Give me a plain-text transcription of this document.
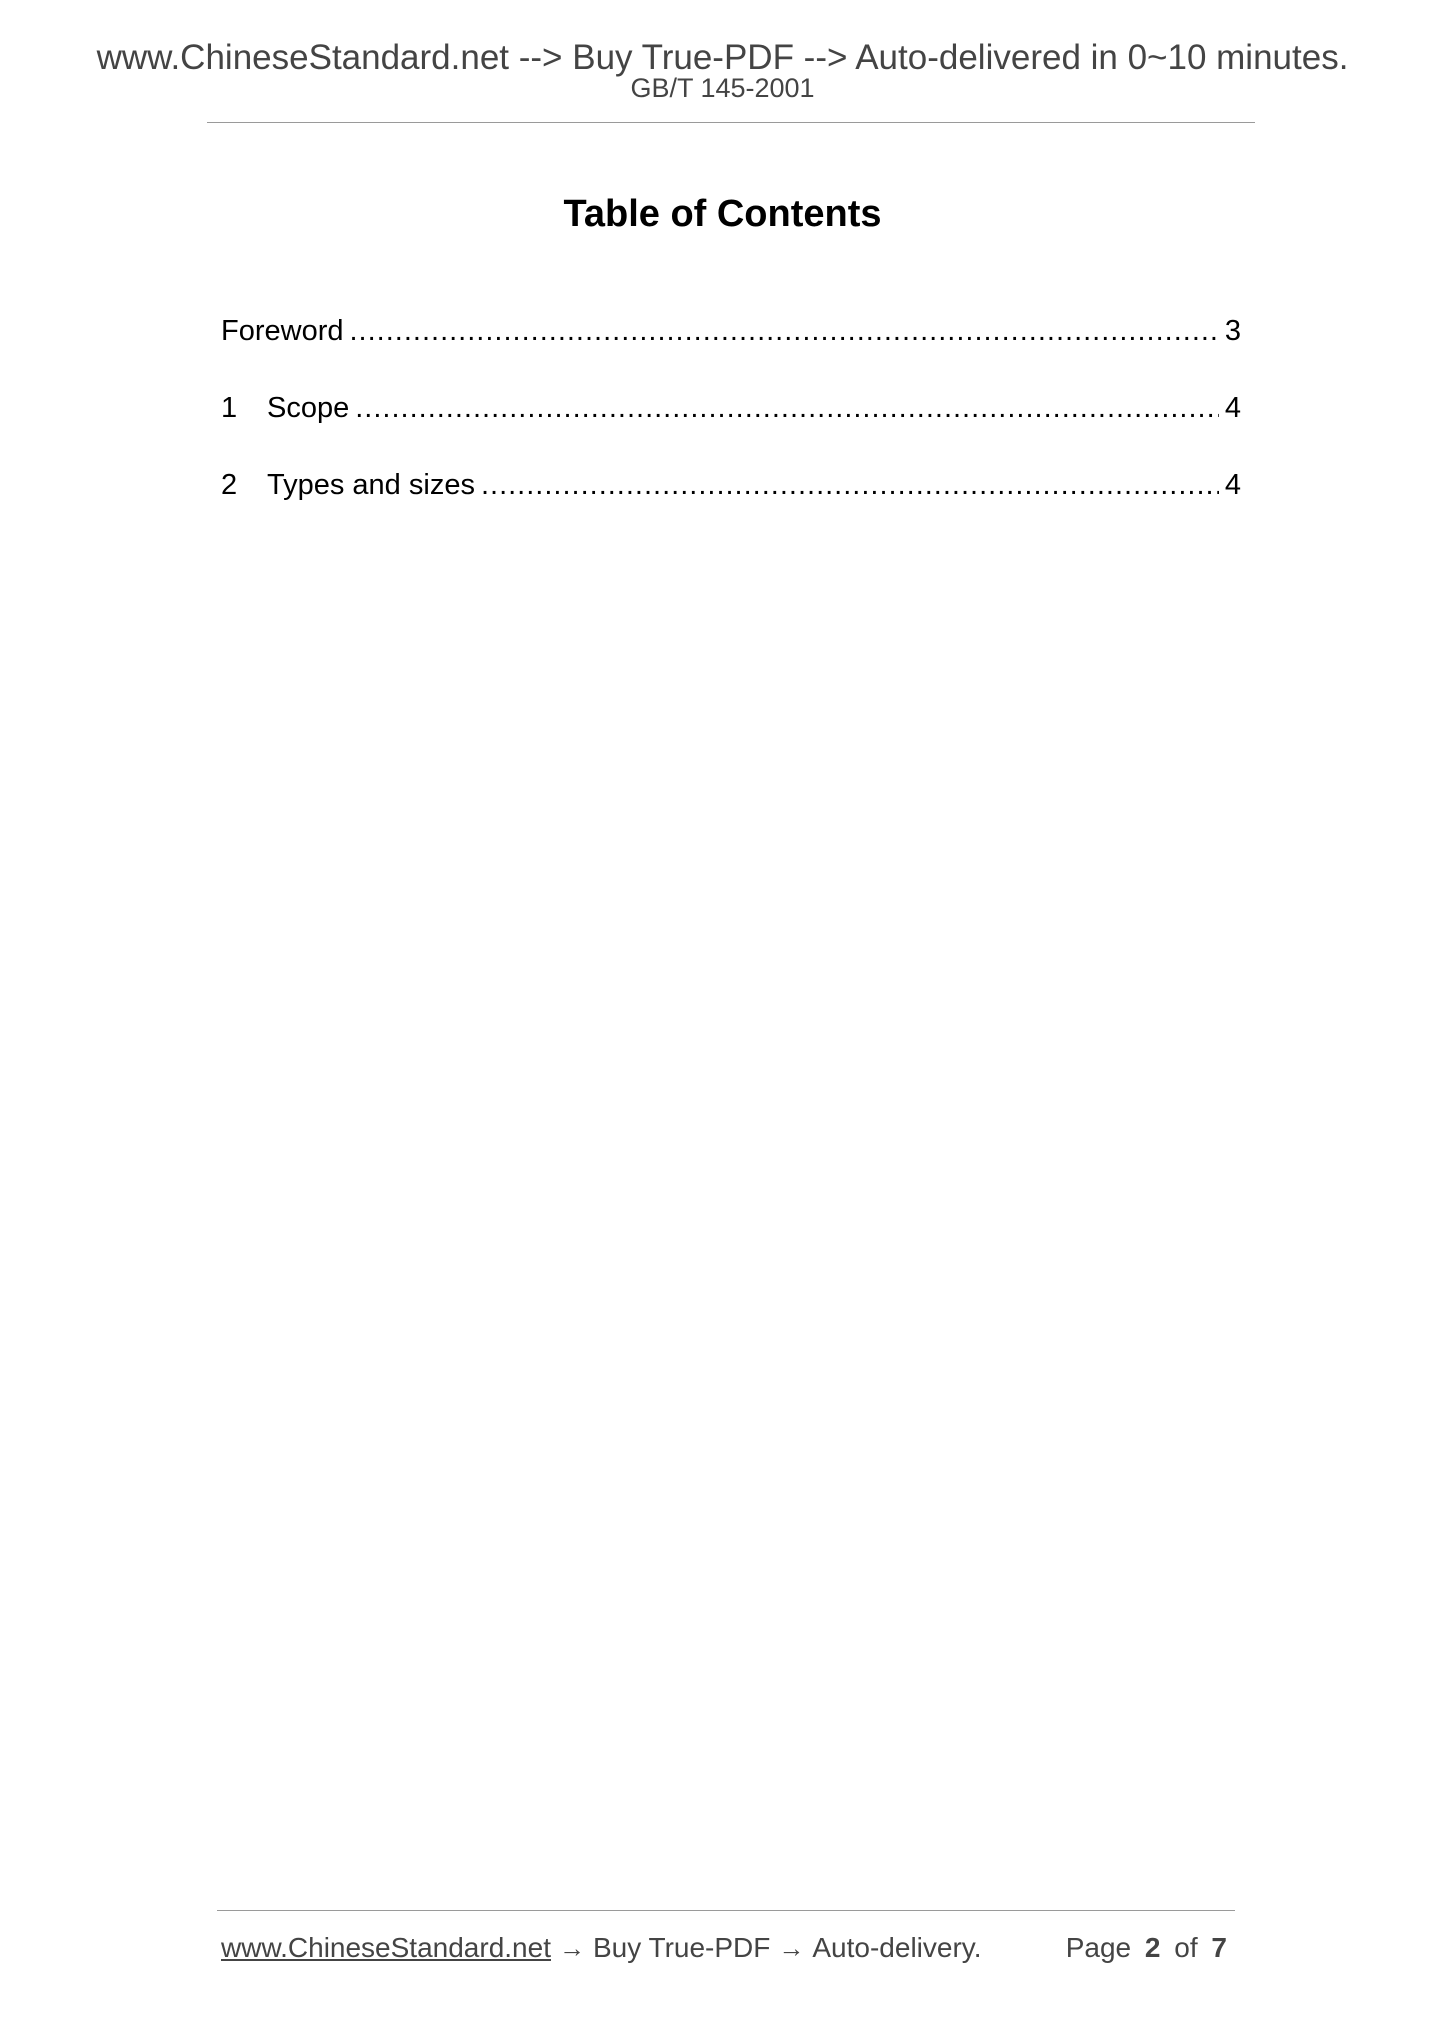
www.ChineseStandard.net --> Buy True-PDF --> Auto-delivered in 0~10 minutes.
GB/T 145-2001
Table of Contents
Foreword .....	3
1	Scope .....	4
2	Types and sizes .....	4
www.ChineseStandard.net → Buy True-PDF → Auto-delivery.	Page 2 of 7
